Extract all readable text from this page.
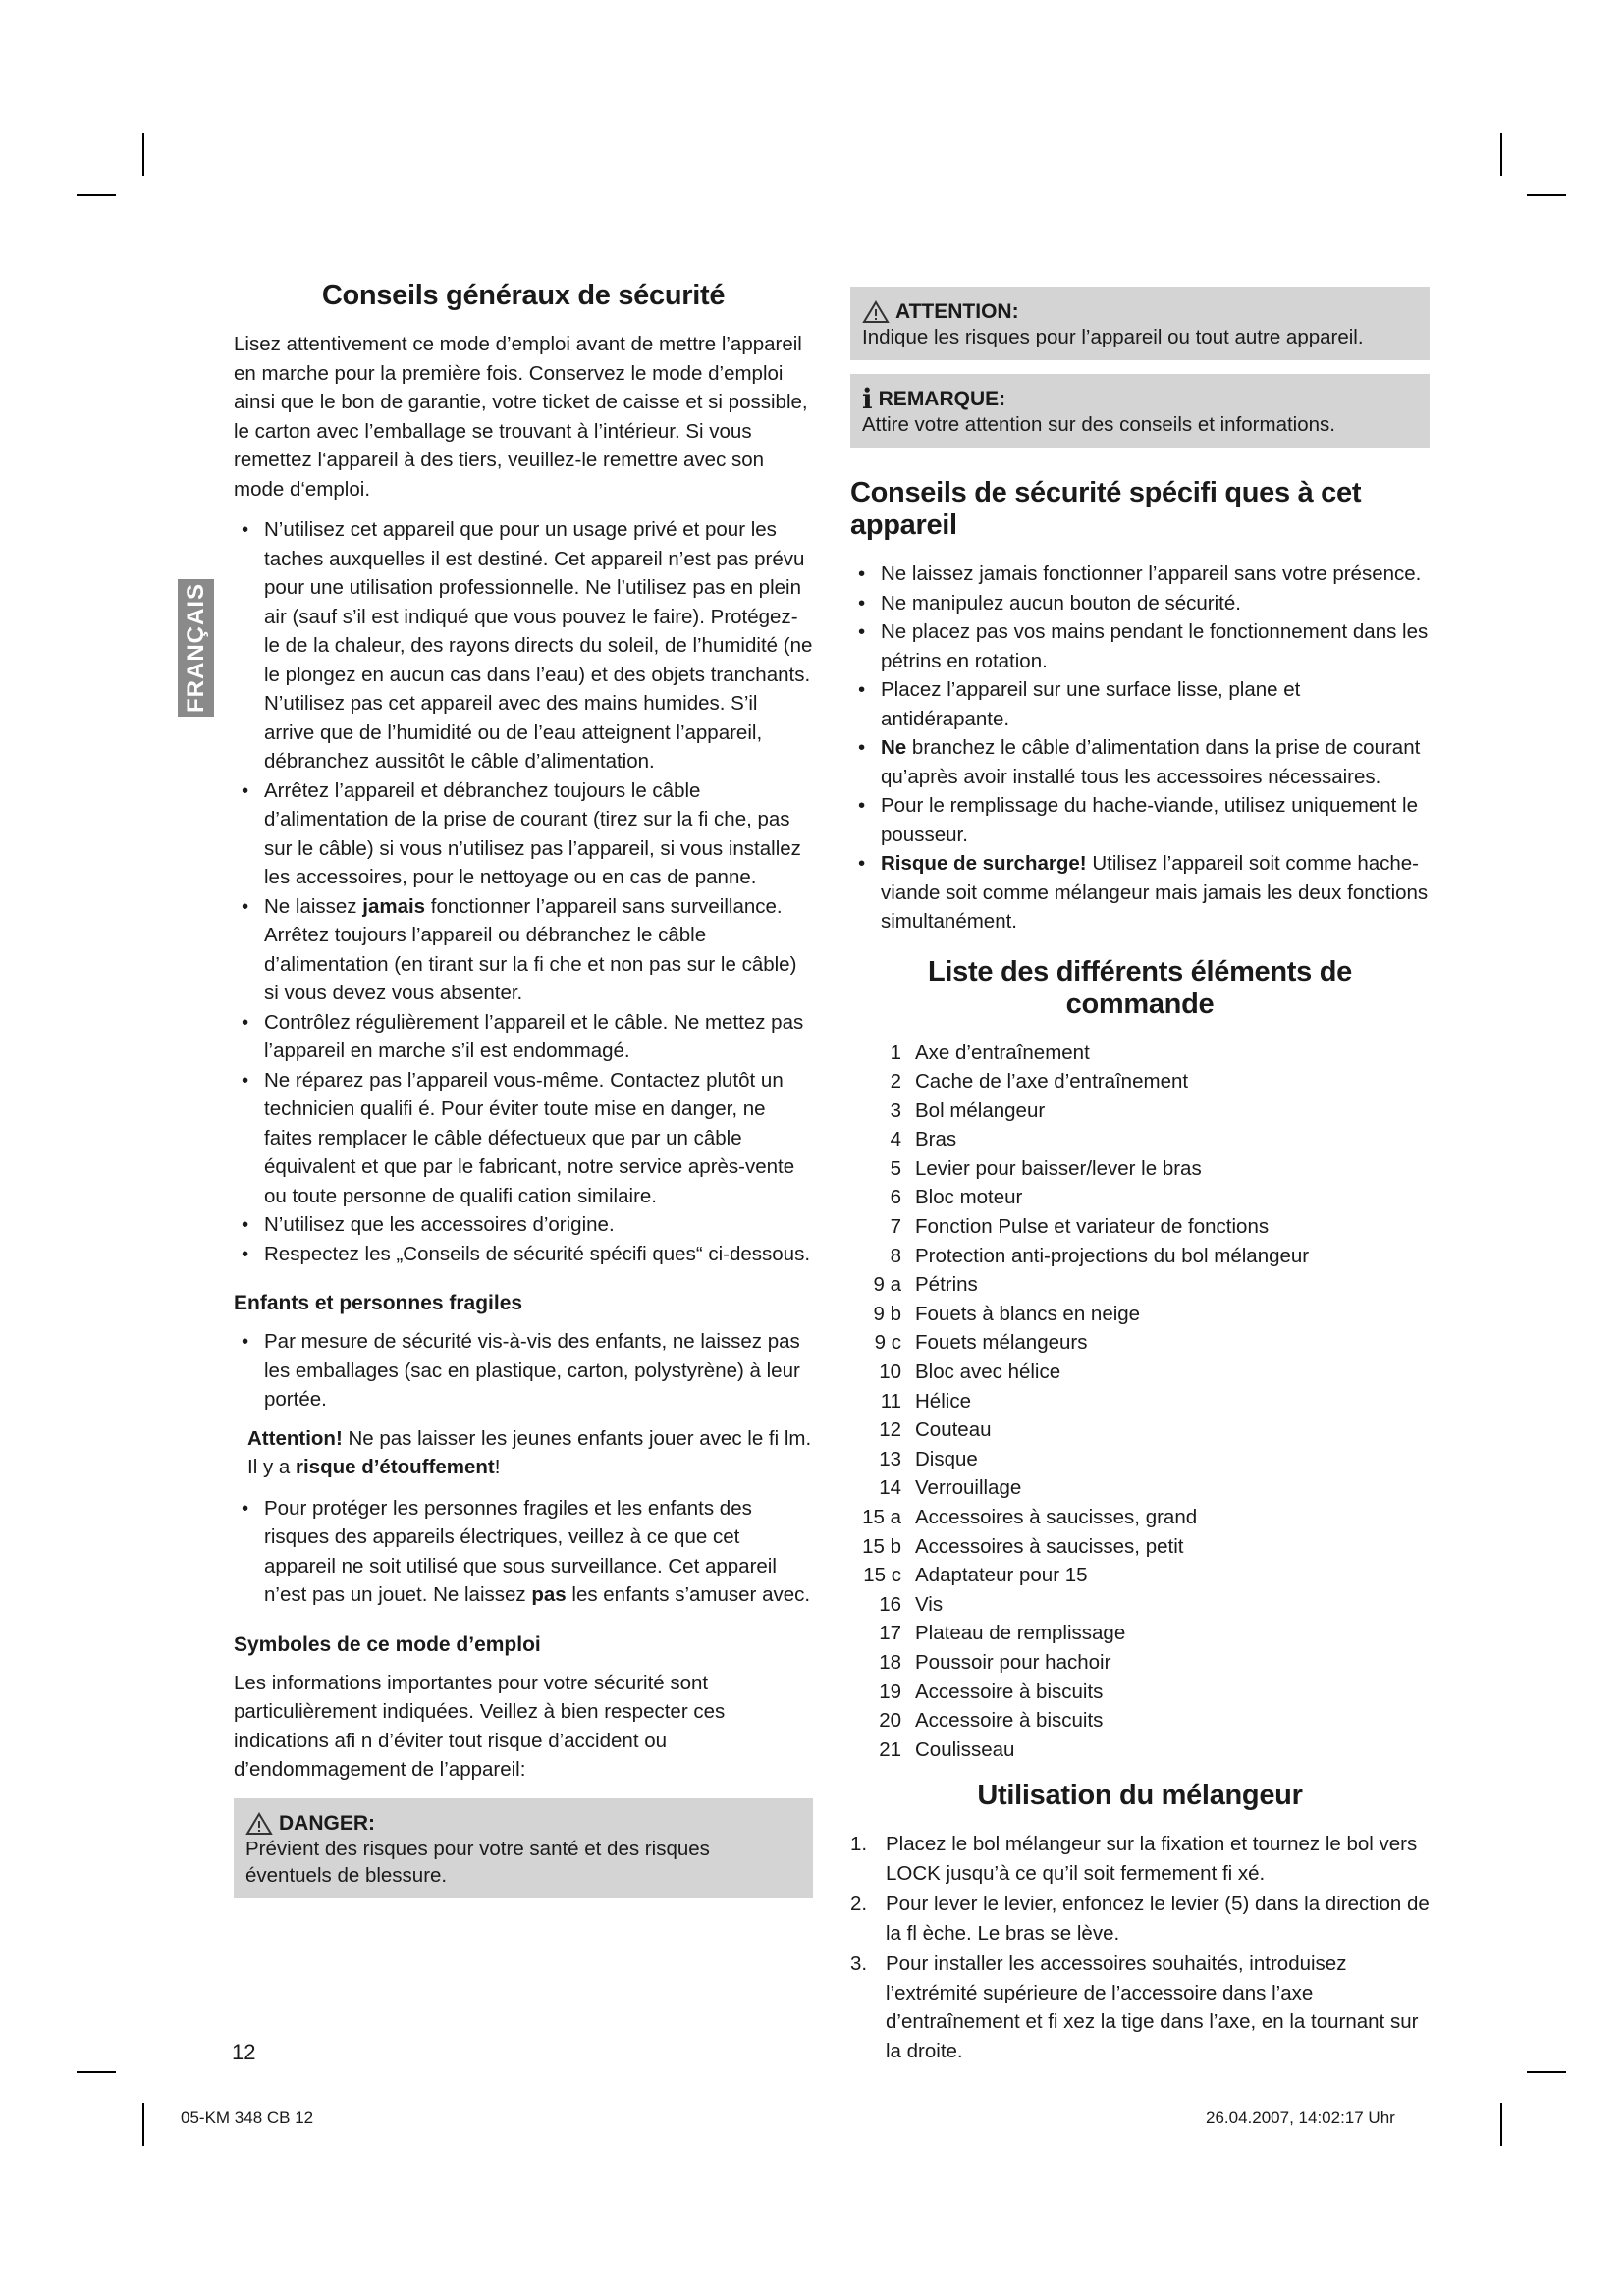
FRANÇAIS
Conseils généraux de sécurité

Lisez attentivement ce mode d’emploi avant de mettre l’appareil en marche pour la première fois. Conservez le mode d’emploi ainsi que le bon de garantie, votre ticket de caisse et si possible, le carton avec l’emballage se trouvant à l’intérieur. Si vous remettez l‘appareil à des tiers, veuillez-le remettre avec son mode d‘emploi.

• N’utilisez cet appareil que pour un usage privé et pour les taches auxquelles il est destiné. Cet appareil n’est pas prévu pour une utilisation professionnelle. Ne l’utilisez pas en plein air (sauf s’il est indiqué que vous pouvez le faire). Protégez-le de la chaleur, des rayons directs du soleil, de l’humidité (ne le plongez en aucun cas dans l’eau) et des objets tranchants. N’utilisez pas cet appareil avec des mains humides. S’il arrive que de l’humidité ou de l’eau atteignent l’appareil, débranchez aussitôt le câble d’alimentation.
• Arrêtez l’appareil et débranchez toujours le câble d’alimentation de la prise de courant (tirez sur la fi che, pas sur le câble) si vous n’utilisez pas l’appareil, si vous installez les accessoires, pour le nettoyage ou en cas de panne.
• Ne laissez jamais fonctionner l’appareil sans surveillance. Arrêtez toujours l’appareil ou débranchez le câble d’alimentation (en tirant sur la fi che et non pas sur le câble) si vous devez vous absenter.
• Contrôlez régulièrement l’appareil et le câble. Ne mettez pas l’appareil en marche s’il est endommagé.
• Ne réparez pas l’appareil vous-même. Contactez plutôt un technicien qualifi é. Pour éviter toute mise en danger, ne faites remplacer le câble défectueux que par un câble équivalent et que par le fabricant, notre service après-vente ou toute personne de qualifi cation similaire.
• N’utilisez que les accessoires d’origine.
• Respectez les „Conseils de sécurité spécifi ques“ ci-dessous.
Enfants et personnes fragiles
• Par mesure de sécurité vis-à-vis des enfants, ne laissez pas les emballages (sac en plastique, carton, polystyrène) à leur portée.
Attention! Ne pas laisser les jeunes enfants jouer avec le fi lm. Il y a risque d’étouffement!
• Pour protéger les personnes fragiles et les enfants des risques des appareils électriques, veillez à ce que cet appareil ne soit utilisé que sous surveillance. Cet appareil n’est pas un jouet. Ne laissez pas les enfants s’amuser avec.
Symboles de ce mode d’emploi

Les informations importantes pour votre sécurité sont particulièrement indiquées. Veillez à bien respecter ces indications afi n d’éviter tout risque d’accident ou d’endommagement de l’appareil:

DANGER:
Prévient des risques pour votre santé et des risques éventuels de blessure.
ATTENTION:
Indique les risques pour l’appareil ou tout autre appareil.
i REMARQUE:
Attire votre attention sur des conseils et informations.
Conseils de sécurité spécifi ques à cet appareil
• Ne laissez jamais fonctionner l’appareil sans votre présence.
• Ne manipulez aucun bouton de sécurité.
• Ne placez pas vos mains pendant le fonctionnement dans les pétrins en rotation.
• Placez l’appareil sur une surface lisse, plane et antidérapante.
• Ne branchez le câble d’alimentation dans la prise de courant qu’après avoir installé tous les accessoires nécessaires.
• Pour le remplissage du hache-viande, utilisez uniquement le pousseur.
• Risque de surcharge! Utilisez l’appareil soit comme hache-viande soit comme mélangeur mais jamais les deux fonctions simultanément.
Liste des différents éléments de commande
1 Axe d’entraînement
2 Cache de l’axe d’entraînement
3 Bol mélangeur
4 Bras
5 Levier pour baisser/lever le bras
6 Bloc moteur
7 Fonction Pulse et variateur de fonctions
8 Protection anti-projections du bol mélangeur
9 a Pétrins
9 b Fouets à blancs en neige
9 c Fouets mélangeurs
10 Bloc avec hélice
11 Hélice
12 Couteau
13 Disque
14 Verrouillage
15 a Accessoires à saucisses, grand
15 b Accessoires à saucisses, petit
15 c Adaptateur pour 15
16 Vis
17 Plateau de remplissage
18 Poussoir pour hachoir
19 Accessoire à biscuits
20 Accessoire à biscuits
21 Coulisseau
Utilisation du mélangeur
1. Placez le bol mélangeur sur la fixation et tournez le bol vers LOCK jusqu’à ce qu’il soit fermement fi xé.
2. Pour lever le levier, enfoncez le levier (5) dans la direction de la fl èche. Le bras se lève.
3. Pour installer les accessoires souhaités, introduisez l’extrémité supérieure de l’accessoire dans l’axe d’entraînement et fi xez la tige dans l’axe, en la tournant sur la droite.
12
05-KM 348 CB 12	26.04.2007, 14:02:17 Uhr
